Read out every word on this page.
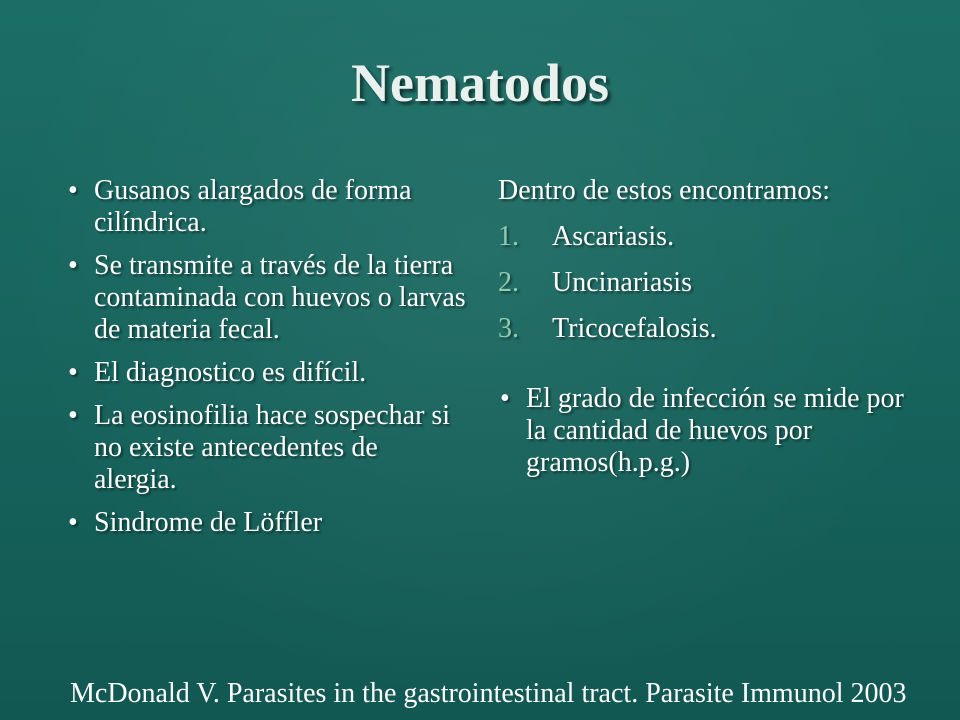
Nematodos
• Gusanos alargados de forma cilíndrica.
• Se transmite a través de la tierra contaminada con huevos o larvas de materia fecal.
• El diagnostico es difícil.
• La eosinofilia hace sospechar si no existe antecedentes de alergia.
• Sindrome de Löffler

Dentro de estos encontramos:

1. Ascariasis.
2. Uncinariasis
3. Tricocefalosis.
• El grado de infección se mide por la cantidad de huevos por gramos(h.p.g.)

McDonald V. Parasites in the gastrointestinal tract. Parasite Immunol 2003
